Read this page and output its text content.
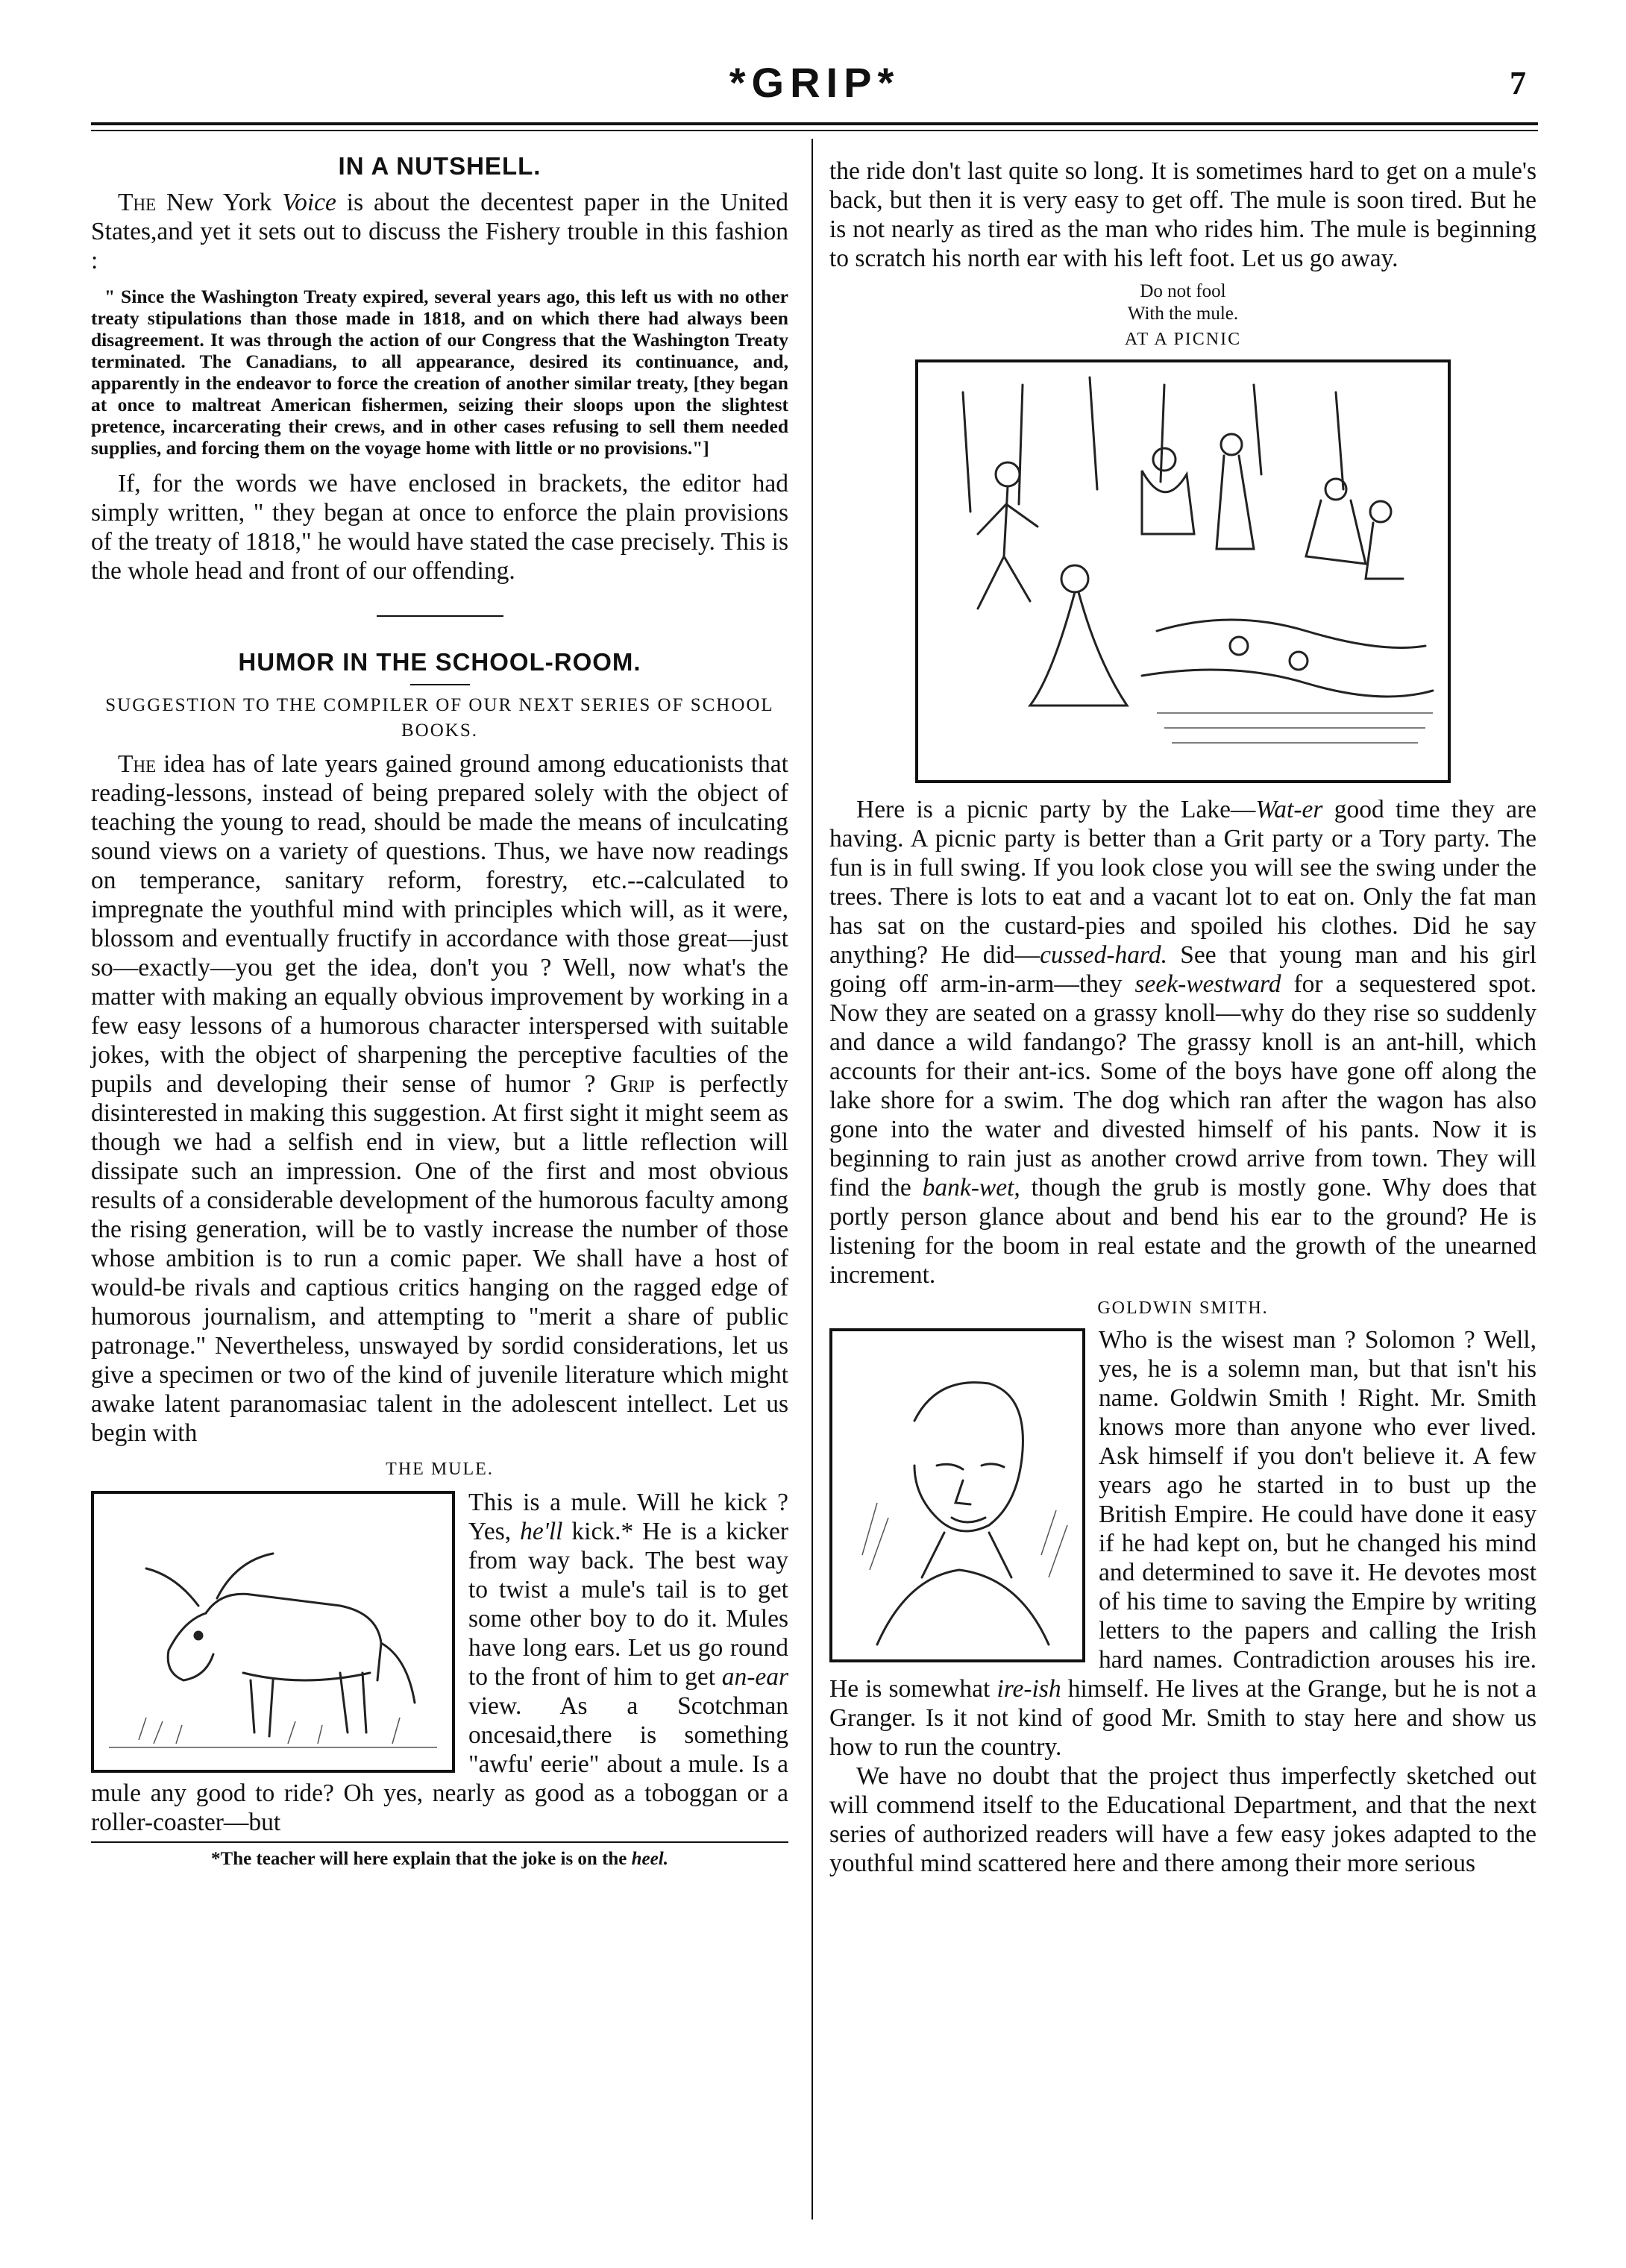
*GRIP*	7
IN A NUTSHELL.

The New York Voice is about the decentest paper in the United States,and yet it sets out to discuss the Fishery trouble in this fashion :

" Since the Washington Treaty expired, several years ago, this left us with no other treaty stipulations than those made in 1818, and on which there had always been disagreement. It was through the action of our Congress that the Washington Treaty terminated. The Canadians, to all appearance, desired its continuance, and, apparently in the endeavor to force the creation of another similar treaty, [they began at once to maltreat American fishermen, seizing their sloops upon the slightest pretence, incarcerating their crews, and in other cases refusing to sell them needed supplies, and forcing them on the voyage home with little or no provisions."]

If, for the words we have enclosed in brackets, the editor had simply written, " they began at once to enforce the plain provisions of the treaty of 1818," he would have stated the case precisely. This is the whole head and front of our offending.

HUMOR IN THE SCHOOL-ROOM.
SUGGESTION TO THE COMPILER OF OUR NEXT SERIES OF SCHOOL BOOKS.

The idea has of late years gained ground among educationists that reading-lessons, instead of being prepared solely with the object of teaching the young to read, should be made the means of inculcating sound views on a variety of questions. Thus, we have now readings on temperance, sanitary reform, forestry, etc.--calculated to impregnate the youthful mind with principles which will, as it were, blossom and eventually fructify in accordance with those great—just so—exactly—you get the idea, don't you ? Well, now what's the matter with making an equally obvious improvement by working in a few easy lessons of a humorous character interspersed with suitable jokes, with the object of sharpening the perceptive faculties of the pupils and developing their sense of humor ? Grip is perfectly disinterested in making this suggestion. At first sight it might seem as though we had a selfish end in view, but a little reflection will dissipate such an impression. One of the first and most obvious results of a considerable development of the humorous faculty among the rising generation, will be to vastly increase the number of those whose ambition is to run a comic paper. We shall have a host of would-be rivals and captious critics hanging on the ragged edge of humorous journalism, and attempting to "merit a share of public patronage." Nevertheless, unswayed by sordid considerations, let us give a specimen or two of the kind of juvenile literature which might awake latent paranomasiac talent in the adolescent intellect. Let us begin with

THE MULE.

This is a mule. Will he kick ? Yes, he'll kick.* He is a kicker from way back. The best way to twist a mule's tail is to get some other boy to do it. Mules have long ears. Let us go round to the front of him to get an-ear view. As a Scotchman oncesaid,there is something "awfu' eerie" about a mule. Is a mule any good to ride? Oh yes, nearly as good as a toboggan or a roller-coaster—but

*The teacher will here explain that the joke is on the heel.

the ride don't last quite so long. It is sometimes hard to get on a mule's back, but then it is very easy to get off. The mule is soon tired. But he is not nearly as tired as the man who rides him. The mule is beginning to scratch his north ear with his left foot. Let us go away.

Do not fool
With the mule.
AT A PICNIC

Here is a picnic party by the Lake—Wat-er good time they are having. A picnic party is better than a Grit party or a Tory party. The fun is in full swing. If you look close you will see the swing under the trees. There is lots to eat and a vacant lot to eat on. Only the fat man has sat on the custard-pies and spoiled his clothes. Did he say anything? He did—cussed-hard. See that young man and his girl going off arm-in-arm—they seek-westward for a sequestered spot. Now they are seated on a grassy knoll—why do they rise so suddenly and dance a wild fandango? The grassy knoll is an ant-hill, which accounts for their ant-ics. Some of the boys have gone off along the lake shore for a swim. The dog which ran after the wagon has also gone into the water and divested himself of his pants. Now it is beginning to rain just as another crowd arrive from town. They will find the bank-wet, though the grub is mostly gone. Why does that portly person glance about and bend his ear to the ground? He is listening for the boom in real estate and the growth of the unearned increment.

GOLDWIN SMITH.

Who is the wisest man ? Solomon ? Well, yes, he is a solemn man, but that isn't his name. Goldwin Smith ! Right. Mr. Smith knows more than anyone who ever lived. Ask himself if you don't believe it. A few years ago he started in to bust up the British Empire. He could have done it easy if he had kept on, but he changed his mind and determined to save it. He devotes most of his time to saving the Empire by writing letters to the papers and calling the Irish hard names. Contradiction arouses his ire. He is somewhat ire-ish himself. He lives at the Grange, but he is not a Granger. Is it not kind of good Mr. Smith to stay here and show us how to run the country.

We have no doubt that the project thus imperfectly sketched out will commend itself to the Educational Department, and that the next series of authorized readers will have a few easy jokes adapted to the youthful mind scattered here and there among their more serious
